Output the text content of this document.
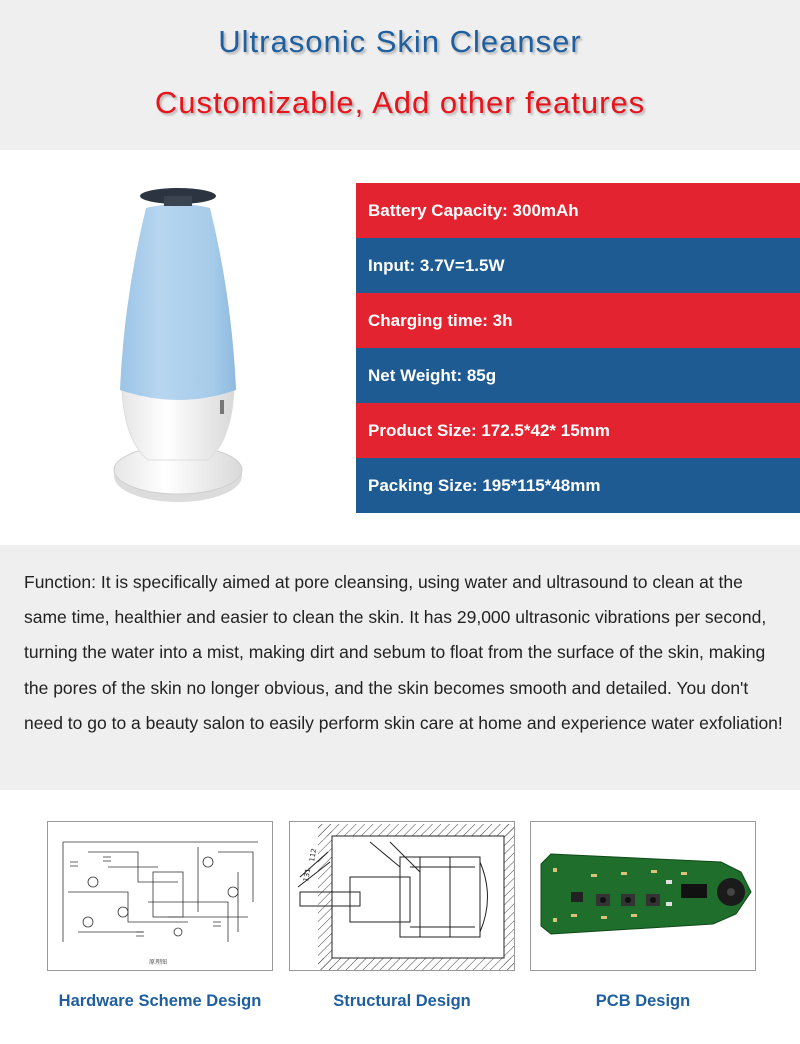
Ultrasonic Skin Cleanser
Customizable, Add other features
Battery Capacity: 300mAh
Input: 3.7V=1.5W
Charging time: 3h
Net Weight: 85g
Product Size: 172.5*42* 15mm
Packing Size: 195*115*48mm
Function: It is specifically aimed at pore cleansing, using water and ultrasound to clean at the same time, healthier and easier to clean the skin. It has 29,000 ultrasonic vibrations per second, turning the water into a mist, making dirt and sebum to float from the surface of the skin, making the pores of the skin no longer obvious, and the skin becomes smooth and detailed. You don't need to go to a beauty salon to easily perform skin care at home and experience water exfoliation!
原理图
131
112
Hardware Scheme Design	Structural Design	PCB Design
